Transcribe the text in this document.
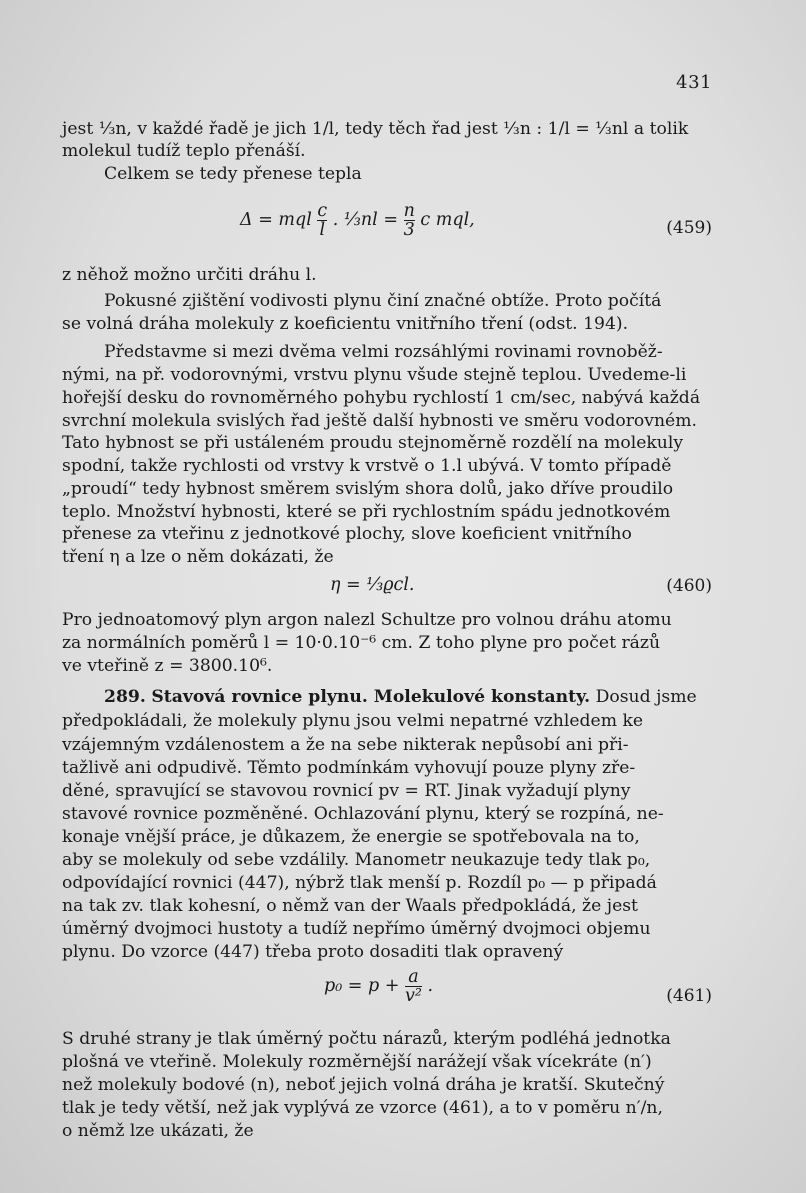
431
jest ⅓n, v každé řadě je jich 1/l, tedy těch řad jest ⅓n : 1/l = ⅓nl a tolik
molekul tudíž teplo přenáší.
Celkem se tedy přenese tepla
Δ = mql $\frac{c}{l}$ . ⅓nl = $\frac{n}{3}$ c mql,	(459)
z něhož možno určiti dráhu l.
Pokusné zjištění vodivosti plynu činí značné obtíže. Proto počítá
se volná dráha molekuly z koeficientu vnitřního tření (odst. 194).
Představme si mezi dvěma velmi rozsáhlými rovinami rovnoběž-
nými, na př. vodorovnými, vrstvu plynu všude stejně teplou. Uvedeme-li
hořejší desku do rovnoměrného pohybu rychlostí 1 cm/sec, nabývá každá
svrchní molekula svislých řad ještě další hybnosti ve směru vodorovném.
Tato hybnost se při ustáleném proudu stejnoměrně rozdělí na molekuly
spodní, takže rychlosti od vrstvy k vrstvě o 1.l ubývá. V tomto případě
„proudí“ tedy hybnost směrem svislým shora dolů, jako dříve proudilo
teplo. Množství hybnosti, které se při rychlostním spádu jednotkovém
přenese za vteřinu z jednotkové plochy, slove koeficient vnitřního
tření η a lze o něm dokázati, že
η = ⅓ϱcl.	(460)
Pro jednoatomový plyn argon nalezl Schultze pro volnou dráhu atomu
za normálních poměrů l = 10·0.10⁻⁶ cm. Z toho plyne pro počet rázů
ve vteřině z = 3800.10⁶.
289. Stavová rovnice plynu. Molekulové konstanty. Dosud jsme
předpokládali, že molekuly plynu jsou velmi nepatrné vzhledem ke
vzájemným vzdálenostem a že na sebe nikterak nepůsobí ani při-
tažlivě ani odpudivě. Těmto podmínkám vyhovují pouze plyny zře-
děné, spravující se stavovou rovnicí pv = RT. Jinak vyžadují plyny
stavové rovnice pozměněné. Ochlazování plynu, který se rozpíná, ne-
konaje vnější práce, je důkazem, že energie se spotřebovala na to,
aby se molekuly od sebe vzdálily. Manometr neukazuje tedy tlak p₀,
odpovídající rovnici (447), nýbrž tlak menší p. Rozdíl p₀ — p připadá
na tak zv. tlak kohesní, o němž van der Waals předpokládá, že jest
úměrný dvojmoci hustoty a tudíž nepřímo úměrný dvojmoci objemu
plynu. Do vzorce (447) třeba proto dosaditi tlak opravený
$p_0 = p + \frac{a}{\text{v²}}$ .	(461)
S druhé strany je tlak úměrný počtu nárazů, kterým podléhá jednotka
plošná ve vteřině. Molekuly rozměrnější narážejí však vícekráte (n′)
než molekuly bodové (n), neboť jejich volná dráha je kratší. Skutečný
tlak je tedy větší, než jak vyplývá ze vzorce (461), a to v poměru n′/n,
o němž lze ukázati, že
